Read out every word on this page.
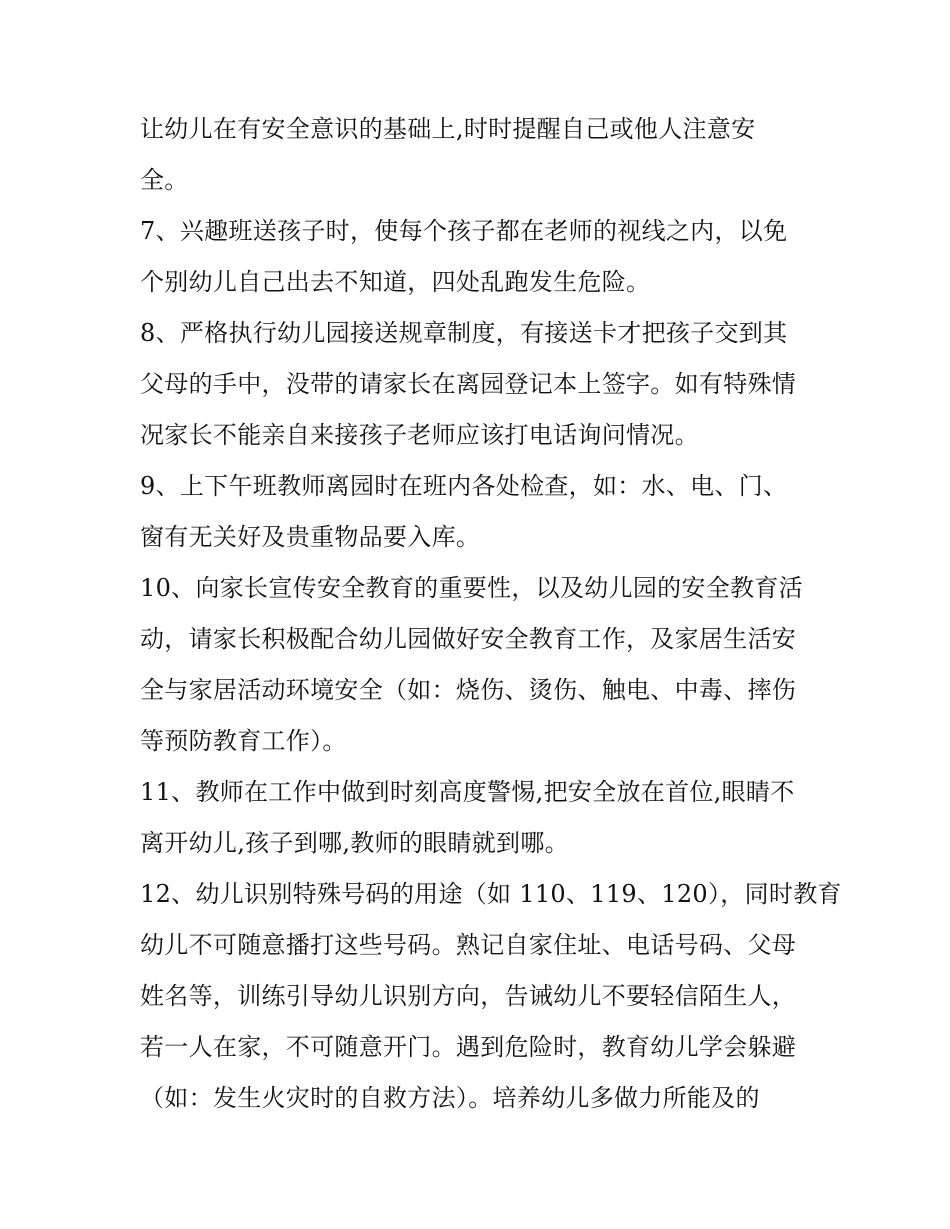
让幼儿在有安全意识的基础上,时时提醒自己或他人注意安
全。
7、兴趣班送孩子时，使每个孩子都在老师的视线之内，以免
个别幼儿自己出去不知道，四处乱跑发生危险。
8、严格执行幼儿园接送规章制度，有接送卡才把孩子交到其
父母的手中，没带的请家长在离园登记本上签字。如有特殊情
况家长不能亲自来接孩子老师应该打电话询问情况。
9、上下午班教师离园时在班内各处检查，如：水、电、门、
窗有无关好及贵重物品要入库。
10、向家长宣传安全教育的重要性，以及幼儿园的安全教育活
动，请家长积极配合幼儿园做好安全教育工作，及家居生活安
全与家居活动环境安全（如：烧伤、烫伤、触电、中毒、摔伤
等预防教育工作）。
11、教师在工作中做到时刻高度警惕,把安全放在首位,眼睛不
离开幼儿,孩子到哪,教师的眼睛就到哪。
12、幼儿识别特殊号码的用途（如 110、119、120），同时教育
幼儿不可随意播打这些号码。熟记自家住址、电话号码、父母
姓名等，训练引导幼儿识别方向，告诫幼儿不要轻信陌生人，
若一人在家，不可随意开门。遇到危险时，教育幼儿学会躲避
（如：发生火灾时的自救方法）。培养幼儿多做力所能及的
